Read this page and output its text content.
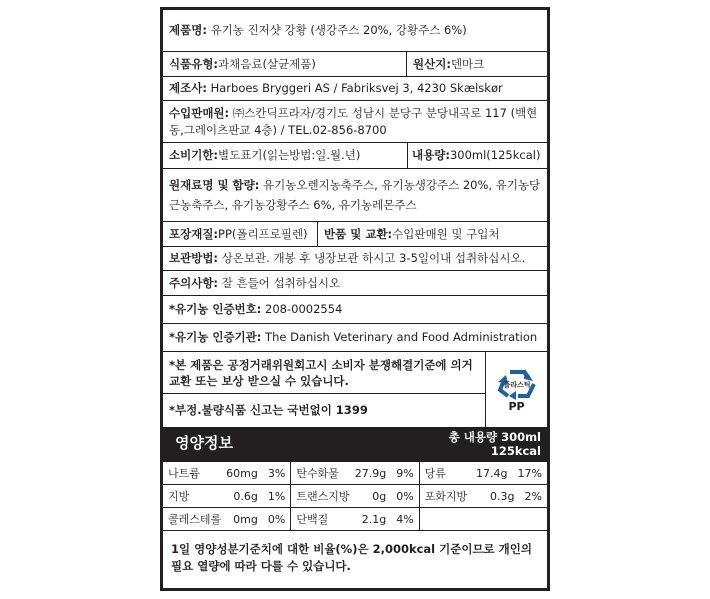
제품명: 유기농 진저샷 강황 (생강주스 20%, 강황주스 6%)
식품유형: 과채음료(살균제품)	원산지: 덴마크
제조사: Harboes Bryggeri AS / Fabriksvej 3, 4230 Skælskør
수입판매원: ㈜스칸딕프라자/경기도 성남시 분당구 분당내곡로 117 (백현동,그레이츠판교 4층) / TEL.02-856-8700
소비기한: 별도표기(읽는방법:일.월.년)	내용량: 300ml(125kcal)
원재료명 및 함량: 유기농오렌지농축주스, 유기농생강주스 20%, 유기농당근농축주스, 유기농강황주스 6%, 유기농레몬주스
포장재질: PP(폴리프로필렌) 반품 및 교환: 수입판매원 및 구입처
보관방법: 상온보관. 개봉 후 냉장보관 하시고 3-5일이내 섭취하십시오.
주의사항: 잘 흔들어 섭취하십시오
*유기농 인증번호: 208-0002554
*유기농 인증기관: The Danish Veterinary and Food Administration
*본 제품은 공정거래위원회고시 소비자 분쟁해결기준에 의거 교환 또는 보상 받으실 수 있습니다.
*부정.불량식품 신고는 국번없이 1399
플라스틱
PP
영양정보	총 내용량 300ml
125kcal
나트륨	60mg 3% 탄수화물	27.9g 9% 당류	17.4g 17%
지방	0.6g 1% 트랜스지방	0g 0% 포화지방	0.3g 2%
콜레스테롤	0mg 0% 단백질	2.1g 4%
1일 영양성분기준치에 대한 비율(%)은 2,000kcal 기준이므로 개인의 필요 열량에 따라 다를 수 있습니다.
